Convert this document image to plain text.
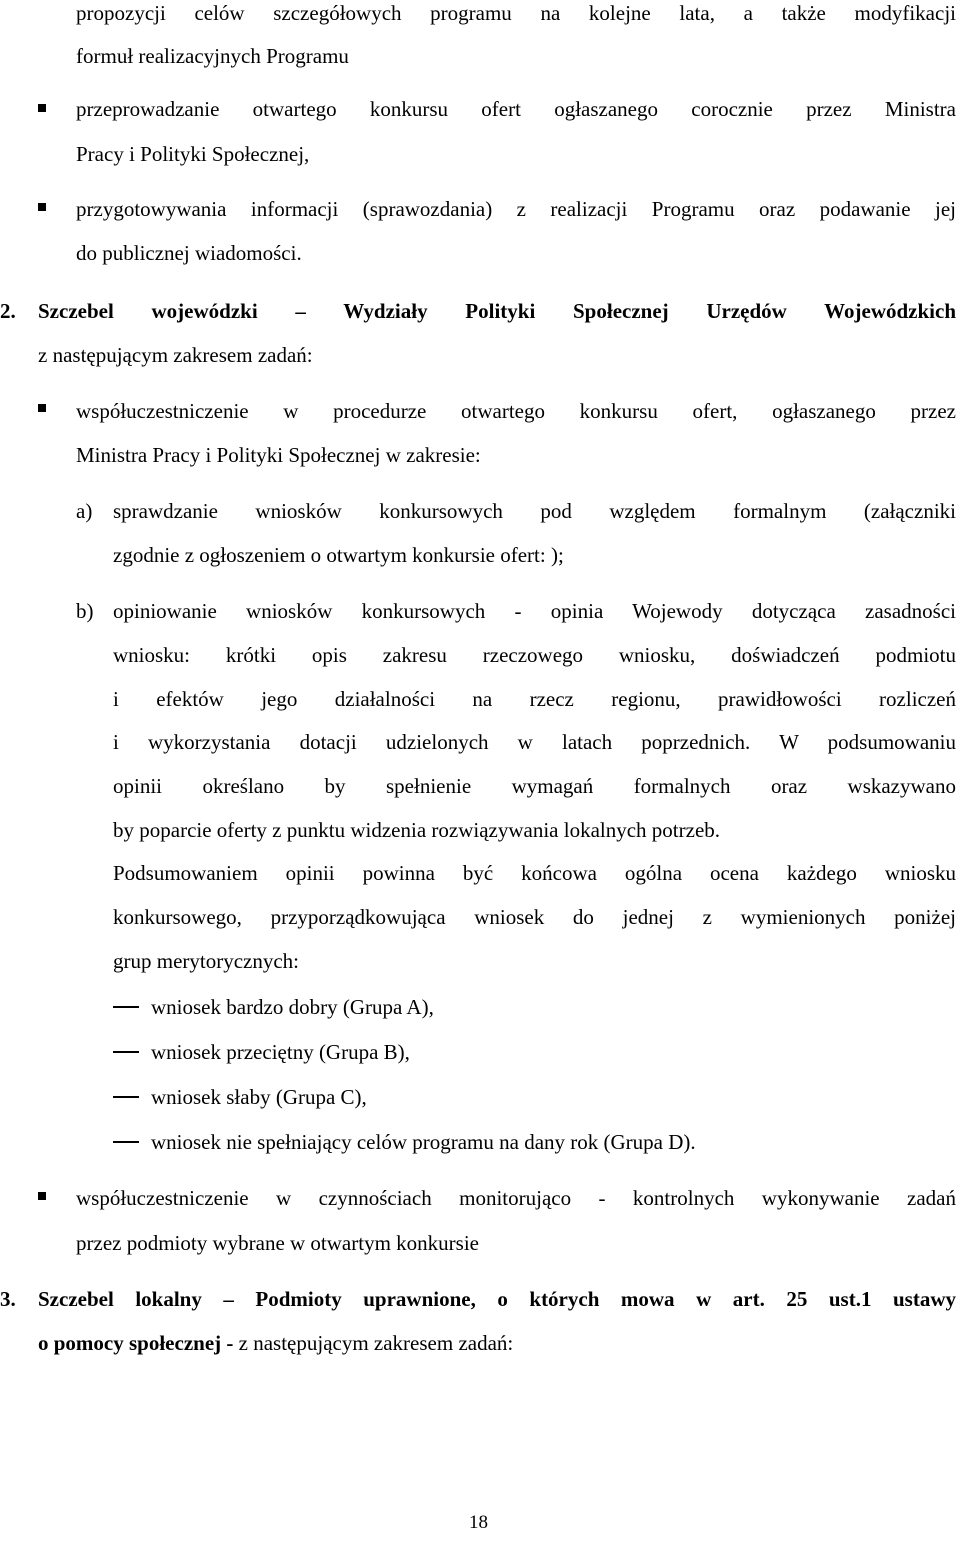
propozycji celów szczegółowych programu na kolejne lata, a także modyfikacji
formuł realizacyjnych Programu
przeprowadzanie otwartego konkursu ofert ogłaszanego corocznie przez Ministra
Pracy i Polityki Społecznej,
przygotowywania informacji (sprawozdania) z realizacji Programu oraz podawanie jej
do publicznej wiadomości.
2.	Szczebel wojewódzki – Wydziały Polityki Społecznej Urzędów Wojewódzkich
z następującym zakresem zadań:
współuczestniczenie w procedurze otwartego konkursu ofert, ogłaszanego przez
Ministra Pracy i Polityki Społecznej w zakresie:
a) sprawdzanie wniosków konkursowych pod względem formalnym (załączniki
zgodnie z ogłoszeniem o otwartym konkursie ofert: );
b) opiniowanie wniosków konkursowych - opinia Wojewody dotycząca zasadności
wniosku: krótki opis zakresu rzeczowego wniosku, doświadczeń podmiotu
i efektów jego działalności na rzecz regionu, prawidłowości rozliczeń
i wykorzystania dotacji udzielonych w latach poprzednich. W podsumowaniu
opinii określano by spełnienie wymagań formalnych oraz wskazywano
by poparcie oferty z punktu widzenia rozwiązywania lokalnych potrzeb.
Podsumowaniem opinii powinna być końcowa ogólna ocena każdego wniosku
konkursowego, przyporządkowująca wniosek do jednej z wymienionych poniżej
grup merytorycznych:
wniosek bardzo dobry (Grupa A),
wniosek przeciętny (Grupa B),
wniosek słaby (Grupa C),
wniosek nie spełniający celów programu na dany rok (Grupa D).
współuczestniczenie w czynnościach monitorująco - kontrolnych wykonywanie zadań
przez podmioty wybrane w otwartym konkursie
3. Szczebel lokalny – Podmioty uprawnione, o których mowa w art. 25 ust.1 ustawy
o pomocy społecznej - z następującym zakresem zadań:
18
